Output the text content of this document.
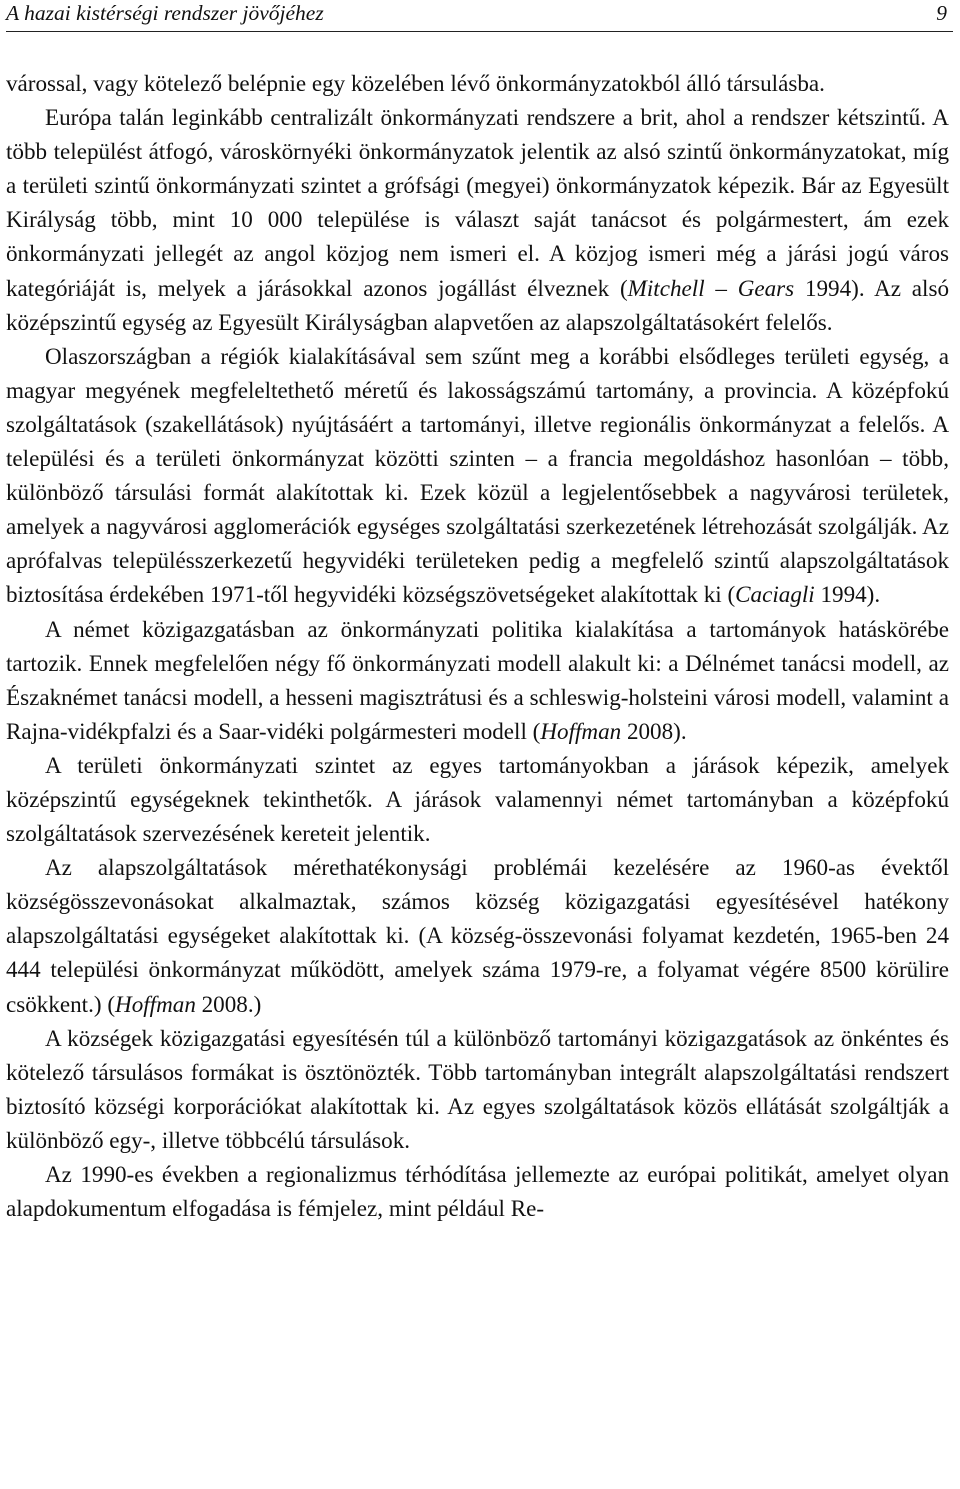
A hazai kistérségi rendszer jövőjéhez	9

várossal, vagy kötelező belépnie egy közelében lévő önkormányzatokból álló társulásba.

Európa talán leginkább centralizált önkormányzati rendszere a brit, ahol a rendszer kétszintű. A több települést átfogó, városkörnyéki önkormányzatok jelentik az alsó szintű önkormányzatokat, míg a területi szintű önkormányzati szintet a grófsági (megyei) önkormányzatok képezik. Bár az Egyesült Királyság több, mint 10 000 települése is választ saját tanácsot és polgármestert, ám ezek önkormányzati jellegét az angol közjog nem ismeri el. A közjog ismeri még a járási jogú város kategóriáját is, melyek a járásokkal azonos jogállást élveznek (Mitchell – Gears 1994). Az alsó középszintű egység az Egyesült Királyságban alapvetően az alapszolgáltatásokért felelős.

Olaszországban a régiók kialakításával sem szűnt meg a korábbi elsődleges területi egység, a magyar megyének megfeleltethető méretű és lakosságszámú tartomány, a provincia. A középfokú szolgáltatások (szakellátások) nyújtásáért a tartományi, illetve regionális önkormányzat a felelős. A települési és a területi önkormányzat közötti szinten – a francia megoldáshoz hasonlóan – több, különböző társulási formát alakítottak ki. Ezek közül a legjelentősebbek a nagyvárosi területek, amelyek a nagyvárosi agglomerációk egységes szolgáltatási szerkezetének létrehozását szolgálják. Az aprófalvas településszerkezetű hegyvidéki területeken pedig a megfelelő szintű alapszolgáltatások biztosítása érdekében 1971-től hegyvidéki községszövetségeket alakítottak ki (Caciagli 1994).

A német közigazgatásban az önkormányzati politika kialakítása a tartományok hatáskörébe tartozik. Ennek megfelelően négy fő önkormányzati modell alakult ki: a Délnémet tanácsi modell, az Északnémet tanácsi modell, a hesseni magisztrátusi és a schleswig-holsteini városi modell, valamint a Rajna-vidékpfalzi és a Saar-vidéki polgármesteri modell (Hoffman 2008).

A területi önkormányzati szintet az egyes tartományokban a járások képezik, amelyek középszintű egységeknek tekinthetők. A járások valamennyi német tartományban a középfokú szolgáltatások szervezésének kereteit jelentik.

Az alapszolgáltatások mérethatékonysági problémái kezelésére az 1960-as évektől községösszevonásokat alkalmaztak, számos község közigazgatási egyesítésével hatékony alapszolgáltatási egységeket alakítottak ki. (A község-összevonási folyamat kezdetén, 1965-ben 24 444 települési önkormányzat működött, amelyek száma 1979-re, a folyamat végére 8500 körülire csökkent.) (Hoffman 2008.)

A községek közigazgatási egyesítésén túl a különböző tartományi közigazgatások az önkéntes és kötelező társulásos formákat is ösztönözték. Több tartományban integrált alapszolgáltatási rendszert biztosító községi korporációkat alakítottak ki. Az egyes szolgáltatások közös ellátását szolgáltják a különböző egy-, illetve többcélú társulások.

Az 1990-es években a regionalizmus térhódítása jellemezte az európai politikát, amelyet olyan alapdokumentum elfogadása is fémjelez, mint például Re-
